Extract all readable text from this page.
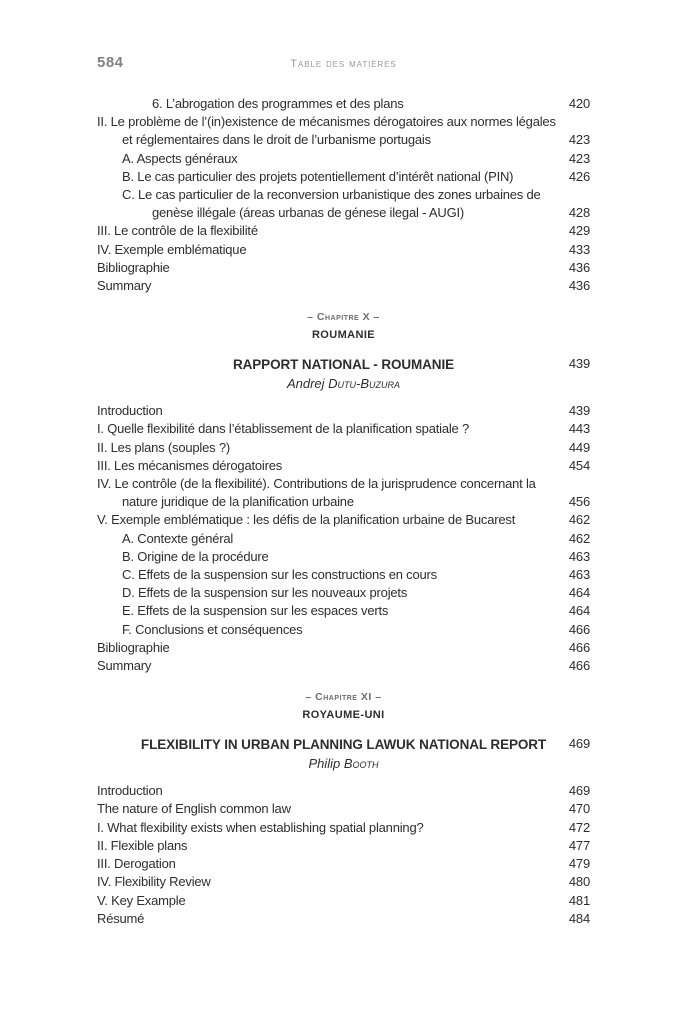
584	Table des matières
6. L’abrogation des programmes et des plans	420
II. Le problème de l’(in)existence de mécanismes dérogatoires aux normes légales
et réglementaires dans le droit de l’urbanisme portugais	423
A. Aspects généraux	423
B. Le cas particulier des projets potentiellement d’intérêt national (PIN)	426
C. Le cas particulier de la reconversion urbanistique des zones urbaines de
genèse illégale (áreas urbanas de génese ilegal - AUGI)	428
III. Le contrôle de la flexibilité	429
IV. Exemple emblématique	433
Bibliographie	436
Summary	436
– Chapitre X –
ROUMANIE
RAPPORT NATIONAL - ROUMANIE	439
Andrej Dutu-Buzura
Introduction	439
I. Quelle flexibilité dans l’établissement de la planification spatiale ?	443
II. Les plans (souples ?)	449
III. Les mécanismes dérogatoires	454
IV. Le contrôle (de la flexibilité). Contributions de la jurisprudence concernant la
nature juridique de la planification urbaine	456
V. Exemple emblématique : les défis de la planification urbaine de Bucarest	462
A. Contexte général	462
B. Origine de la procédure	463
C. Effets de la suspension sur les constructions en cours	463
D. Effets de la suspension sur les nouveaux projets	464
E. Effets de la suspension sur les espaces verts	464
F. Conclusions et conséquences	466
Bibliographie	466
Summary	466
– Chapitre XI –
ROYAUME-UNI
FLEXIBILITY IN URBAN PLANNING LAWUK NATIONAL REPORT 469
Philip Booth
Introduction	469
The nature of English common law	470
I. What flexibility exists when establishing spatial planning?	472
II. Flexible plans	477
III. Derogation	479
IV. Flexibility Review	480
V. Key Example	481
Résumé	484
